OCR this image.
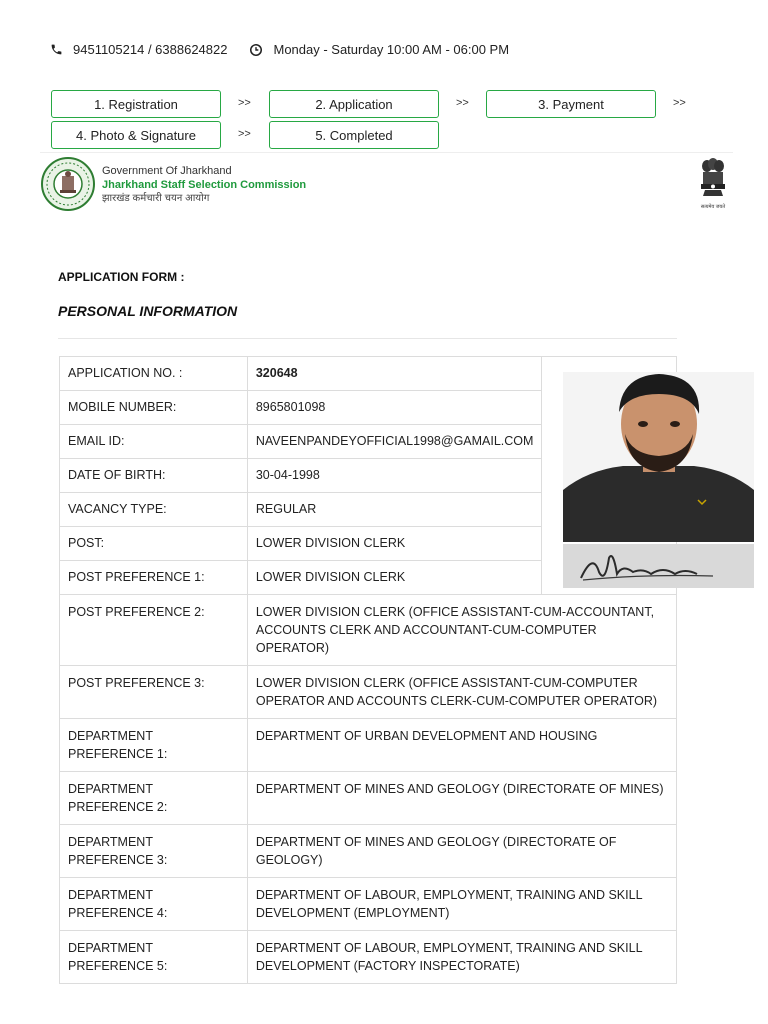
9451105214 / 6388624822	Monday - Saturday 10:00 AM - 06:00 PM
1. Registration	>>	2. Application	>>	3. Payment	>>
4. Photo & Signature	>>	5. Completed
Government Of Jharkhand
Jharkhand Staff Selection Commission
झारखंड कर्मचारी चयन आयोग
सत्यमेव जयते
APPLICATION FORM :
PERSONAL INFORMATION
APPLICATION NO. :	320648	

MOBILE NUMBER:	8965801098	
EMAIL ID:	NAVEENPANDEYOFFICIAL1998@GAMAIL.COM	
DATE OF BIRTH:	30-04-1998	
VACANCY TYPE:	REGULAR	
POST:	LOWER DIVISION CLERK	
POST PREFERENCE 1:	LOWER DIVISION CLERK	
POST PREFERENCE 2:	LOWER DIVISION CLERK (OFFICE ASSISTANT-CUM-ACCOUNTANT, ACCOUNTS CLERK AND ACCOUNTANT-CUM-COMPUTER OPERATOR)	
POST PREFERENCE 3:	LOWER DIVISION CLERK (OFFICE ASSISTANT-CUM-COMPUTER OPERATOR AND ACCOUNTS CLERK-CUM-COMPUTER OPERATOR)	
DEPARTMENT PREFERENCE 1:	DEPARTMENT OF URBAN DEVELOPMENT AND HOUSING	
DEPARTMENT PREFERENCE 2:	DEPARTMENT OF MINES AND GEOLOGY (DIRECTORATE OF MINES)	
DEPARTMENT PREFERENCE 3:	DEPARTMENT OF MINES AND GEOLOGY (DIRECTORATE OF GEOLOGY)	
DEPARTMENT PREFERENCE 4:	DEPARTMENT OF LABOUR, EMPLOYMENT, TRAINING AND SKILL DEVELOPMENT (EMPLOYMENT)	
DEPARTMENT PREFERENCE 5:	DEPARTMENT OF LABOUR, EMPLOYMENT, TRAINING AND SKILL DEVELOPMENT (FACTORY INSPECTORATE)	
